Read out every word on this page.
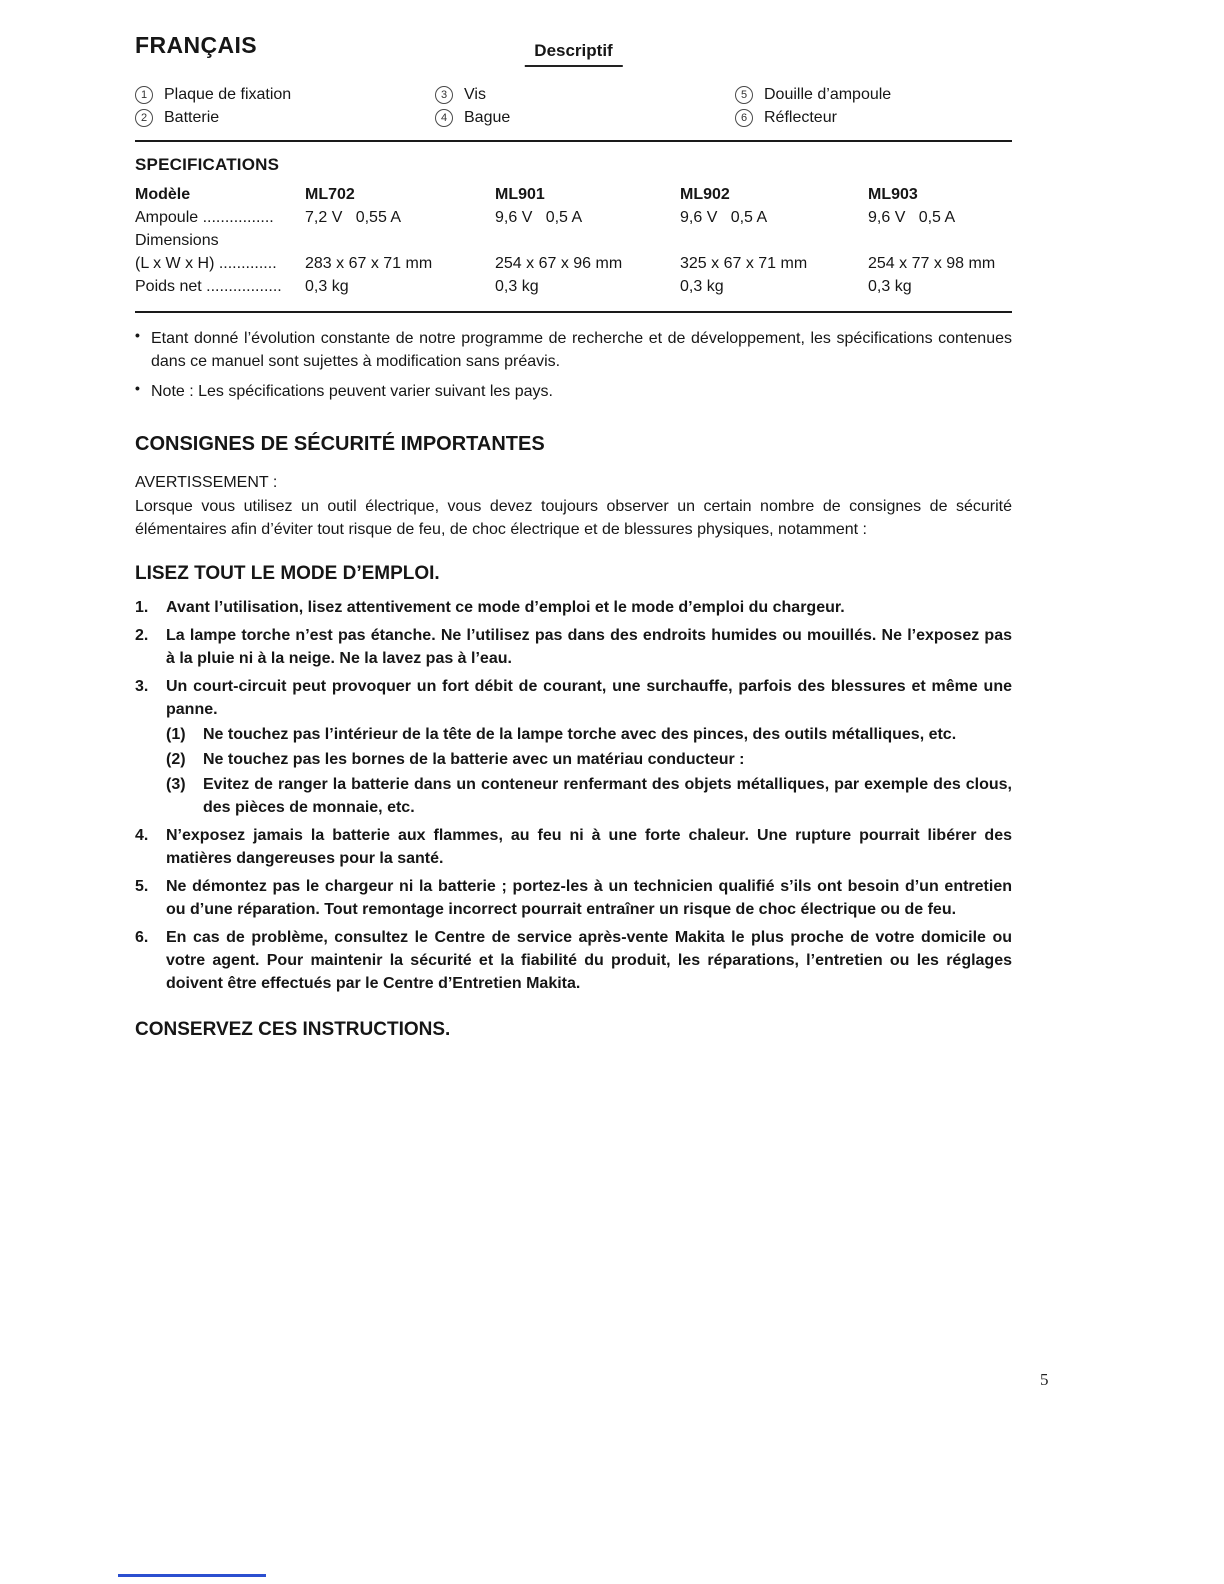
FRANÇAIS	Descriptif
1	Plaque de fixation	3	Vis	5	Douille d’ampoule
2	Batterie	4	Bague	6	Réflecteur
SPECIFICATIONS
Modèle	ML702	ML901	ML902	ML903
Ampoule ................	7,2 V   0,55 A	9,6 V   0,5 A	9,6 V   0,5 A	9,6 V   0,5 A
Dimensions
(L x W x H) .............	283 x 67 x 71 mm	254 x 67 x 96 mm	325 x 67 x 71 mm	254 x 77 x 98 mm
Poids net .................	0,3 kg	0,3 kg	0,3 kg	0,3 kg
• Etant donné l’évolution constante de notre programme de recherche et de développement, les spécifications contenues dans ce manuel sont sujettes à modification sans préavis.
• Note : Les spécifications peuvent varier suivant les pays.
CONSIGNES DE SÉCURITÉ IMPORTANTES
AVERTISSEMENT :
Lorsque vous utilisez un outil électrique, vous devez toujours observer un certain nombre de consignes de sécurité élémentaires afin d’éviter tout risque de feu, de choc électrique et de blessures physiques, notamment :
LISEZ TOUT LE MODE D’EMPLOI.
1. Avant l’utilisation, lisez attentivement ce mode d’emploi et le mode d’emploi du chargeur.
2. La lampe torche n’est pas étanche. Ne l’utilisez pas dans des endroits humides ou mouillés. Ne l’exposez pas à la pluie ni à la neige. Ne la lavez pas à l’eau.
3. Un court-circuit peut provoquer un fort débit de courant, une surchauffe, parfois des blessures et même une panne.
(1) Ne touchez pas l’intérieur de la tête de la lampe torche avec des pinces, des outils métalliques, etc.
(2) Ne touchez pas les bornes de la batterie avec un matériau conducteur :
(3) Evitez de ranger la batterie dans un conteneur renfermant des objets métalliques, par exemple des clous, des pièces de monnaie, etc.
4. N’exposez jamais la batterie aux flammes, au feu ni à une forte chaleur. Une rupture pourrait libérer des matières dangereuses pour la santé.
5. Ne démontez pas le chargeur ni la batterie ; portez-les à un technicien qualifié s’ils ont besoin d’un entretien ou d’une réparation. Tout remontage incorrect pourrait entraîner un risque de choc électrique ou de feu.
6. En cas de problème, consultez le Centre de service après-vente Makita le plus proche de votre domicile ou votre agent. Pour maintenir la sécurité et la fiabilité du produit, les réparations, l’entretien ou les réglages doivent être effectués par le Centre d’Entretien Makita.
CONSERVEZ CES INSTRUCTIONS.
5
